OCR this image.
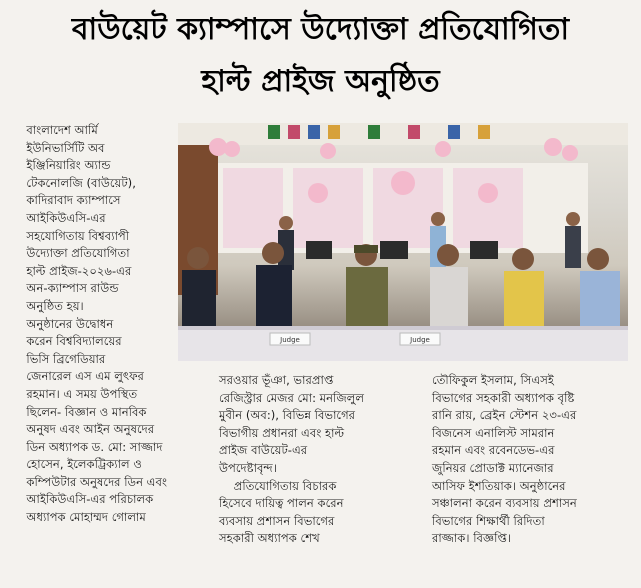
বাউয়েট ক্যাম্পাসে উদ্যোক্তা প্রতিযোগিতা
হাল্ট প্রাইজ অনুষ্ঠিত
বাংলাদেশ আর্মি
ইউনিভার্সিটি অব
ইঞ্জিনিয়ারিং অ্যান্ড
টেকনোলজি (বাউয়েট),
কাদিরাবাদ ক্যাম্পাসে
আইকিউএসি-এর
সহযোগিতায় বিশ্বব্যাপী
উদ্যোক্তা প্রতিযোগিতা
হাল্ট প্রাইজ-২০২৬-এর
অন-ক্যাম্পাস রাউন্ড
অনুষ্ঠিত হয়।
অনুষ্ঠানের উদ্বোধন
করেন বিশ্ববিদ্যালয়ের
ভিসি ব্রিগেডিয়ার
জেনারেল এস এম লুৎফর
রহমান। এ সময় উপস্থিত
ছিলেন- বিজ্ঞান ও মানবিক
অনুষদ এবং আইন অনুষদের
ডিন অধ্যাপক ড. মো: সাজ্জাদ
হোসেন, ইলেকট্রিক্যাল ও
কম্পিউটার অনুষদের ডিন এবং
আইকিউএসি-এর পরিচালক
অধ্যাপক মোহাম্মদ গোলাম
Judge	Judge
সরওয়ার ভূঁঞা, ভারপ্রাপ্ত
রেজিস্ট্রার মেজর মো: মনজিলুল
মুবীন (অব:), বিভিন্ন বিভাগের
বিভাগীয় প্রধানরা এবং হাল্ট
প্রাইজ বাউয়েট-এর
উপদেষ্টাবৃন্দ।
প্রতিযোগিতায় বিচারক
হিসেবে দায়িত্ব পালন করেন
ব্যবসায় প্রশাসন বিভাগের
সহকারী অধ্যাপক শেখ
তৌফিকুল ইসলাম, সিএসই
বিভাগের সহকারী অধ্যাপক বৃষ্টি
রানি রায়, ব্রেইন স্টেশন ২৩-এর
বিজনেস এনালিস্ট সামরান
রহমান এবং রবেনডেভ-এর
জুনিয়র প্রোডাক্ট ম্যানেজার
আসিফ ইশতিয়াক। অনুষ্ঠানের
সঞ্চালনা করেন ব্যবসায় প্রশাসন
বিভাগের শিক্ষার্থী রিদিতা
রাজ্জাক। বিজ্ঞপ্তি।
